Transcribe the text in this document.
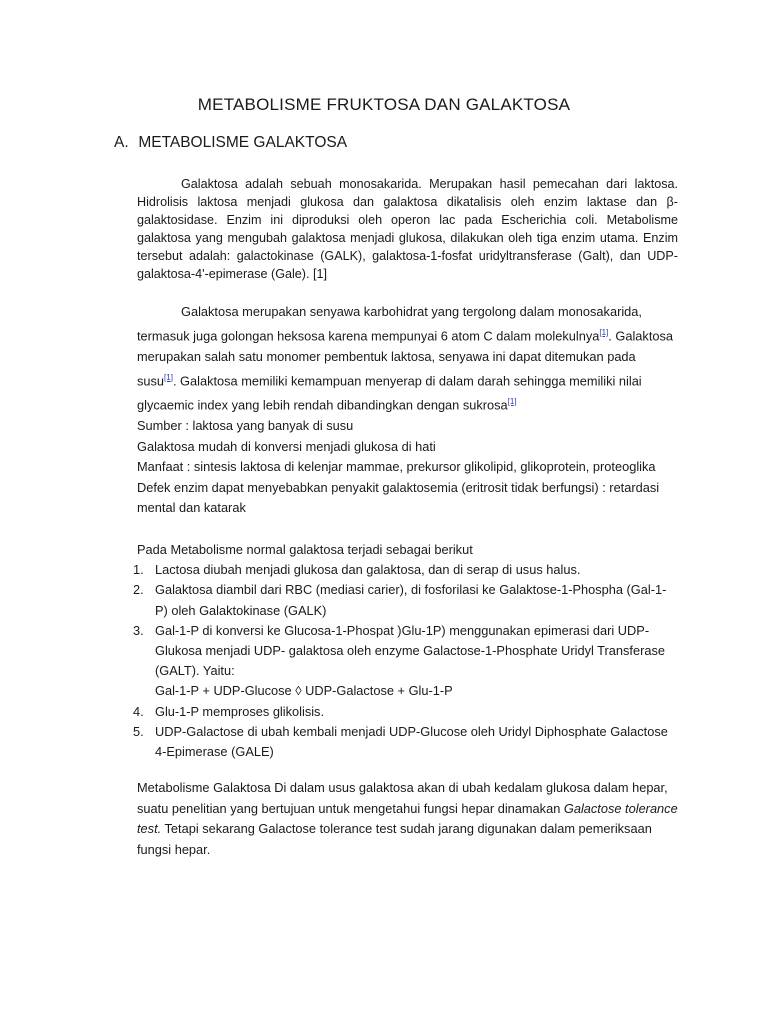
METABOLISME FRUKTOSA DAN GALAKTOSA
A. METABOLISME GALAKTOSA
Galaktosa adalah sebuah monosakarida. Merupakan hasil pemecahan dari laktosa. Hidrolisis laktosa menjadi glukosa dan galaktosa dikatalisis oleh enzim laktase dan β-galaktosidase. Enzim ini diproduksi oleh operon lac pada Escherichia coli. Metabolisme galaktosa yang mengubah galaktosa menjadi glukosa, dilakukan oleh tiga enzim utama. Enzim tersebut adalah: galactokinase (GALK), galaktosa-1-fosfat uridyltransferase (Galt), dan UDP-galaktosa-4'-epimerase (Gale). [1]
Galaktosa merupakan senyawa karbohidrat yang tergolong dalam monosakarida, termasuk juga golongan heksosa karena mempunyai 6 atom C dalam molekulnya[1]. Galaktosa merupakan salah satu monomer pembentuk laktosa, senyawa ini dapat ditemukan pada susu[1]. Galaktosa memiliki kemampuan menyerap di dalam darah sehingga memiliki nilai glycaemic index yang lebih rendah dibandingkan dengan sukrosa[1]
Sumber : laktosa yang banyak di susu
Galaktosa mudah di konversi menjadi glukosa di hati
Manfaat : sintesis laktosa di kelenjar mammae, prekursor glikolipid, glikoprotein, proteoglika
Defek enzim dapat menyebabkan penyakit galaktosemia (eritrosit tidak berfungsi) : retardasi mental dan katarak
Pada Metabolisme normal galaktosa terjadi sebagai berikut
1. Lactosa diubah menjadi glukosa dan galaktosa, dan di serap di usus halus.
2. Galaktosa diambil dari RBC (mediasi carier), di fosforilasi ke Galaktose-1-Phospha (Gal-1-P) oleh Galaktokinase (GALK)
3. Gal-1-P di konversi ke Glucosa-1-Phospat )Glu-1P) menggunakan epimerasi dari UDP-Glukosa menjadi UDP- galaktosa oleh enzyme Galactose-1-Phosphate Uridyl Transferase (GALT). Yaitu:
Gal-1-P + UDP-Glucose ◊ UDP-Galactose + Glu-1-P
4. Glu-1-P memproses glikolisis.
5. UDP-Galactose di ubah kembali menjadi UDP-Glucose oleh Uridyl Diphosphate Galactose 4-Epimerase (GALE)
Metabolisme Galaktosa Di dalam usus galaktosa akan di ubah kedalam glukosa dalam hepar, suatu penelitian yang bertujuan untuk mengetahui fungsi hepar dinamakan Galactose tolerance test. Tetapi sekarang Galactose tolerance test sudah jarang digunakan dalam pemeriksaan fungsi hepar.
